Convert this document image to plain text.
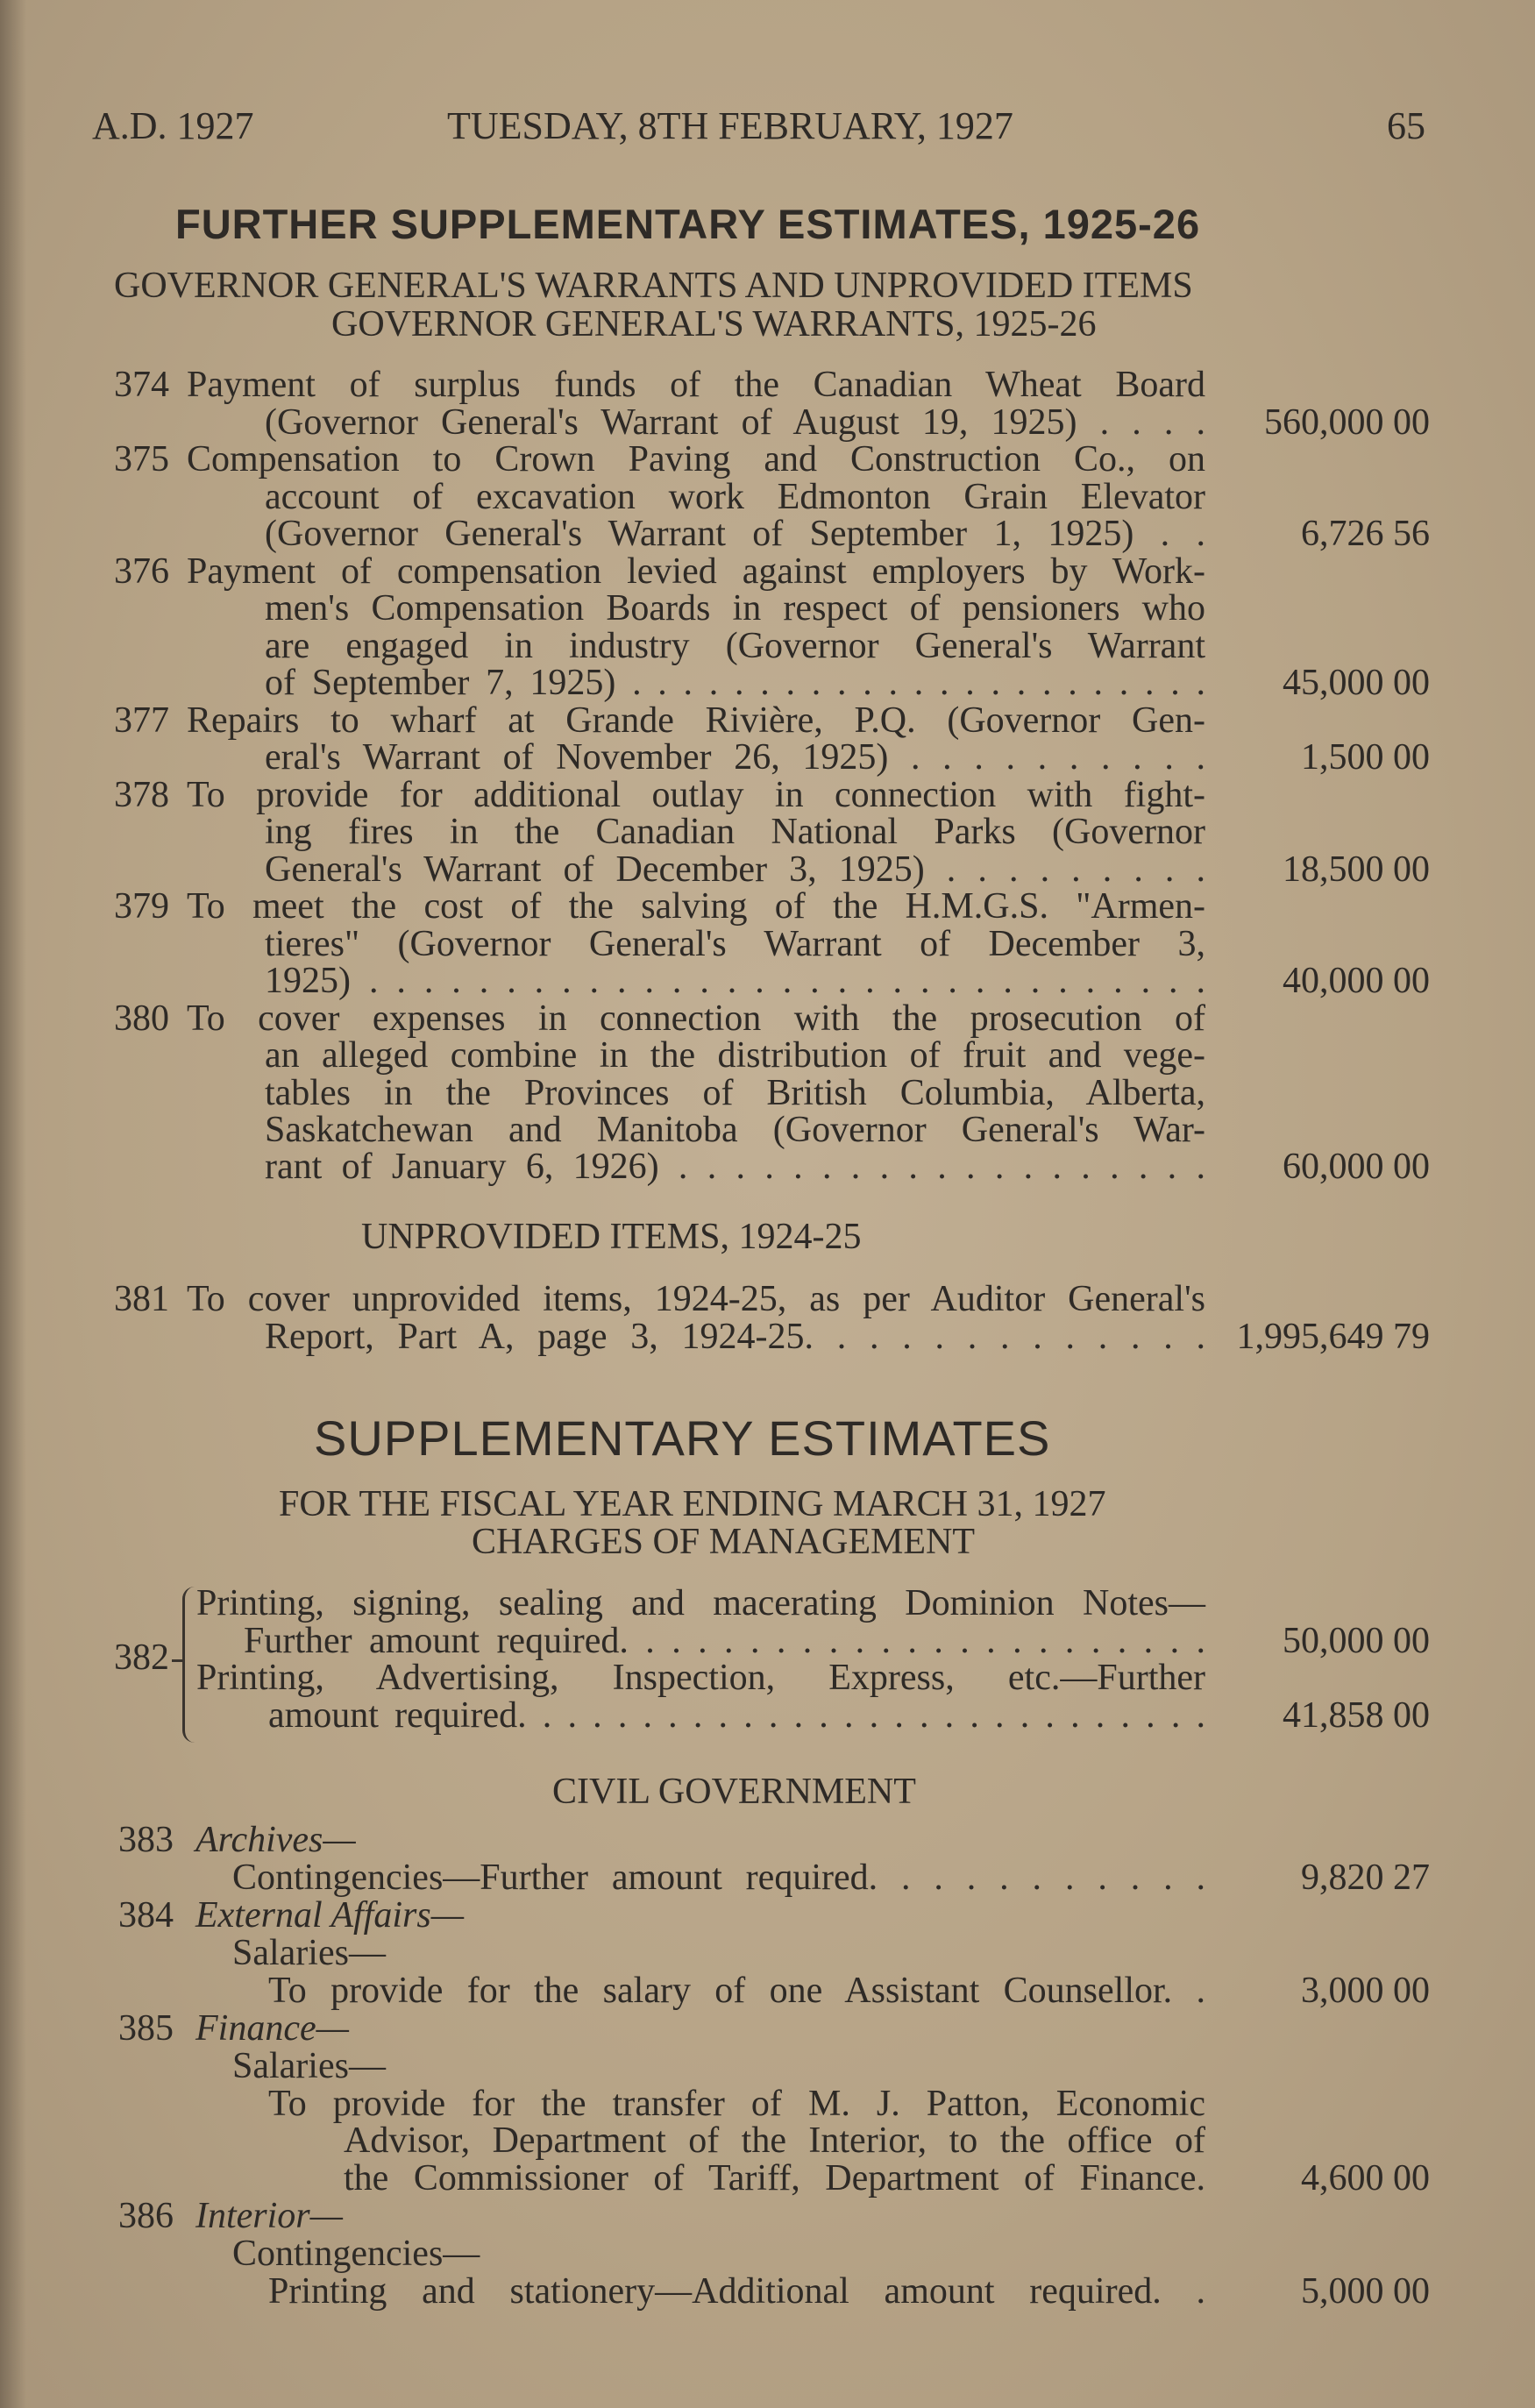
A.D. 1927	TUESDAY, 8TH FEBRUARY, 1927	65
FURTHER SUPPLEMENTARY ESTIMATES, 1925-26
GOVERNOR GENERAL'S WARRANTS AND UNPROVIDED ITEMS
GOVERNOR GENERAL'S WARRANTS, 1925-26
374 Payment of surplus funds of the Canadian Wheat Board
(Governor General's Warrant of August 19, 1925) . . . . 560,000 00
375 Compensation to Crown Paving and Construction Co., on
account of excavation work Edmonton Grain Elevator
(Governor General's Warrant of September 1, 1925) . .	6,726 56
376 Payment of compensation levied against employers by Work-
men's Compensation Boards in respect of pensioners who
are engaged in industry (Governor General's Warrant
of September 7, 1925) . . . . . . . . . . . . . . . . . . . . . . . 45,000 00
377 Repairs to wharf at Grande Rivière, P.Q. (Governor Gen-
eral's Warrant of November 26, 1925) . . . . . . . . . .	1,500 00
378 To provide for additional outlay in connection with fight-
ing fires in the Canadian National Parks (Governor
General's Warrant of December 3, 1925) . . . . . . . . . 18,500 00
379 To meet the cost of the salving of the H.M.G.S. "Armen-
tieres" (Governor General's Warrant of December 3,
1925) . . . . . . . . . . . . . . . . . . . . . . . . . . . . . . . 40,000 00
380 To cover expenses in connection with the prosecution of
an alleged combine in the distribution of fruit and vege-
tables in the Provinces of British Columbia, Alberta,
Saskatchewan and Manitoba (Governor General's War-
rant of January 6, 1926) . . . . . . . . . . . . . . . . . . . 60,000 00
UNPROVIDED ITEMS, 1924-25
381 To cover unprovided items, 1924-25, as per Auditor General's
Report, Part A, page 3, 1924-25. . . . . . . . . . . . . 1,995,649 79
SUPPLEMENTARY ESTIMATES
FOR THE FISCAL YEAR ENDING MARCH 31, 1927
CHARGES OF MANAGEMENT
382
Printing, signing, sealing and macerating Dominion Notes—
Further amount required. . . . . . . . . . . . . . . . . . . . . . . 50,000 00
Printing, Advertising, Inspection, Express, etc.—Further
amount required. . . . . . . . . . . . . . . . . . . . . . . . . . . . 41,858 00
CIVIL GOVERNMENT
383 Archives—
Contingencies—Further amount required. . . . . . . . . . .	9,820 27
384 External Affairs—
Salaries—
To provide for the salary of one Assistant Counsellor. .	3,000 00
385 Finance—
Salaries—
To provide for the transfer of M. J. Patton, Economic
Advisor, Department of the Interior, to the office of
the Commissioner of Tariff, Department of Finance.	4,600 00
386 Interior—
Contingencies—
Printing and stationery—Additional amount required. .	5,000 00
